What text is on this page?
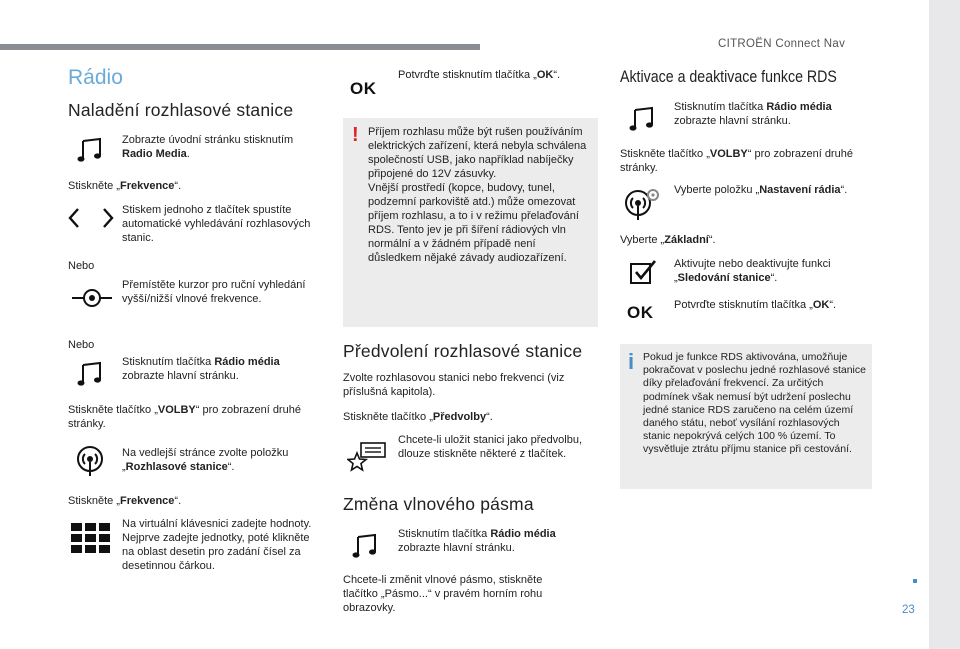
CITROËN Connect Nav
23
Rádio
Naladění rozhlasové stanice
Zobrazte úvodní stránku stisknutím Radio Media.
Stiskněte „Frekvence“.
Stiskem jednoho z tlačítek spustíte automatické vyhledávání rozhlasových stanic.
Nebo
Přemístěte kurzor pro ruční vyhledání vyšší/nižší vlnové frekvence.
Nebo
Stisknutím tlačítka Rádio média zobrazte hlavní stránku.
Stiskněte tlačítko „VOLBY“ pro zobrazení druhé stránky.
Na vedlejší stránce zvolte položku „Rozhlasové stanice“.
Stiskněte „Frekvence“.
Na virtuální klávesnici zadejte hodnoty.
Nejprve zadejte jednotky, poté klikněte na oblast desetin pro zadání čísel za desetinnou čárkou.
OK
Potvrďte stisknutím tlačítka „OK“.
! Příjem rozhlasu může být rušen používáním elektrických zařízení, která nebyla schválena společností USB, jako například nabíječky připojené do 12V zásuvky.
Vnější prostředí (kopce, budovy, tunel, podzemní parkoviště atd.) může omezovat příjem rozhlasu, a to i v režimu přelaďování RDS. Tento jev je při šíření rádiových vln normální a v žádném případě není důsledkem nějaké závady audiozařízení.
Předvolení rozhlasové stanice
Zvolte rozhlasovou stanici nebo frekvenci (viz příslušná kapitola).
Stiskněte tlačítko „Předvolby“.
Chcete-li uložit stanici jako předvolbu, dlouze stiskněte některé z tlačítek.
Změna vlnového pásma
Stisknutím tlačítka Rádio média zobrazte hlavní stránku.
Chcete-li změnit vlnové pásmo, stiskněte tlačítko „Pásmo...“ v pravém horním rohu obrazovky.
Aktivace a deaktivace funkce RDS
Stisknutím tlačítka Rádio média zobrazte hlavní stránku.
Stiskněte tlačítko „VOLBY“ pro zobrazení druhé stránky.
Vyberte položku „Nastavení rádia“.
Vyberte „Základní“.
Aktivujte nebo deaktivujte funkci „Sledování stanice“.
OK Potvrďte stisknutím tlačítka „OK“.
i Pokud je funkce RDS aktivována, umožňuje pokračovat v poslechu jedné rozhlasové stanice díky přelaďování frekvencí. Za určitých podmínek však nemusí být udržení poslechu jedné stanice RDS zaručeno na celém území daného státu, neboť vysílání rozhlasových stanic nepokrývá celých 100 % území. To vysvětluje ztrátu příjmu stanice při cestování.
